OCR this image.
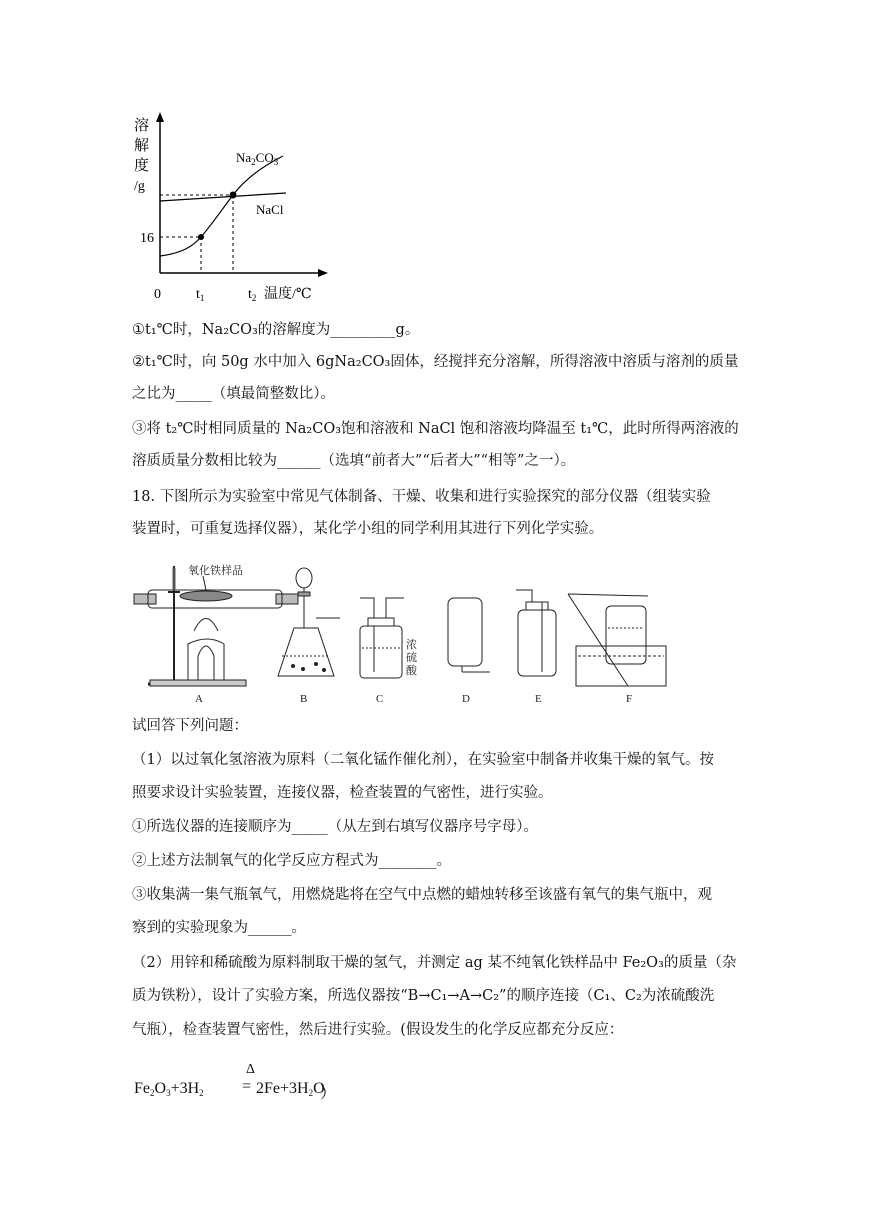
溶
解
度
/g
16
0	$t_1$	$t_2$ 温度/℃
$Na_2CO_3$
NaCl
①t₁℃时，Na₂CO₃的溶解度为_________g。
②t₁℃时，向 50g 水中加入 6gNa₂CO₃固体，经搅拌充分溶解，所得溶液中溶质与溶剂的质量
之比为_____（填最简整数比）。
③将 t₂℃时相同质量的 Na₂CO₃饱和溶液和 NaCl 饱和溶液均降温至 t₁℃，此时所得两溶液的
溶质质量分数相比较为______（选填“前者大”“后者大”“相等”之一）。
18. 下图所示为实验室中常见气体制备、干燥、收集和进行实验探究的部分仪器（组装实验
装置时，可重复选择仪器），某化学小组的同学利用其进行下列化学实验。
氧化铁样品
浓
硫
酸
A	B	C	D	E	F
试回答下列问题：
（1）以过氧化氢溶液为原料（二氧化锰作催化剂），在实验室中制备并收集干燥的氧气。按
照要求设计实验装置，连接仪器，检查装置的气密性，进行实验。
①所选仪器的连接顺序为_____（从左到右填写仪器序号字母）。
②上述方法制氧气的化学反应方程式为________。
③收集满一集气瓶氧气，用燃烧匙将在空气中点燃的蜡烛转移至该盛有氧气的集气瓶中，观
察到的实验现象为______。
（2）用锌和稀硫酸为原料制取干燥的氢气，并测定 ag 某不纯氧化铁样品中 Fe₂O₃的质量（杂
质为铁粉），设计了实验方案，所选仪器按“B→C₁→A→C₂”的顺序连接（C₁、C₂为浓硫酸洗
气瓶），检查装置气密性，然后进行实验。(假设发生的化学反应都充分反应：
$Fe_2O_3+3H_2$
Δ
= $2Fe+3H_2O$
）
